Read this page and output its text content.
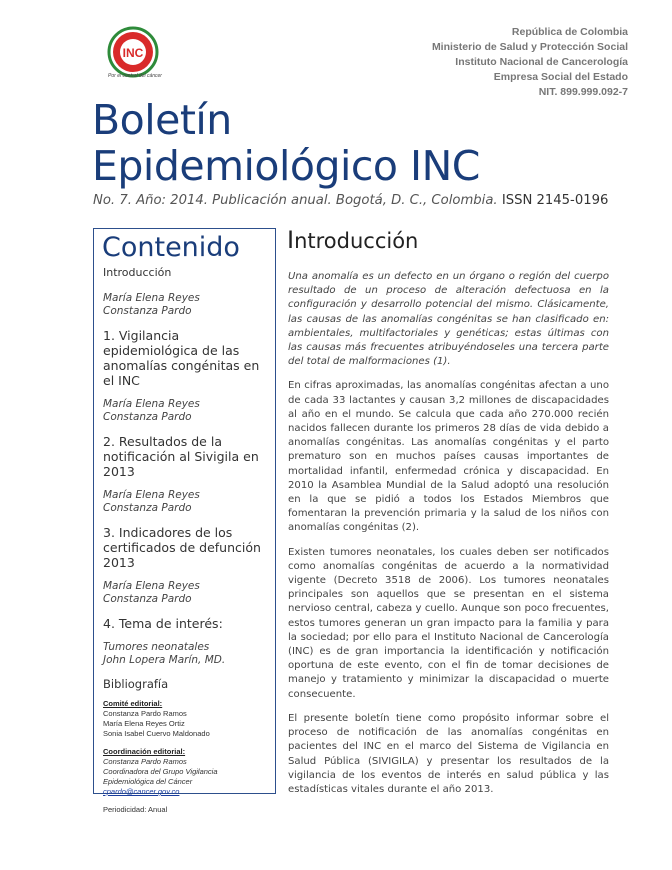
INC
Por el control del cáncer
República de Colombia
Ministerio de Salud y Protección Social
Instituto Nacional de Cancerología
Empresa Social del Estado
NIT. 899.999.092-7
Boletín
Epidemiológico INC
No. 7. Año: 2014. Publicación anual. Bogotá, D. C., Colombia. ISSN 2145-0196
Contenido
Introducción
María Elena Reyes
Constanza Pardo
1. Vigilancia epidemiológica de las anomalías congénitas en el INC
María Elena Reyes
Constanza Pardo
2. Resultados de la notificación al Sivigila en 2013
María Elena Reyes
Constanza Pardo
3. Indicadores de los certificados de defunción 2013
María Elena Reyes
Constanza Pardo
4. Tema de interés:
Tumores neonatales
John Lopera Marín, MD.
Bibliografía
Comité editorial:
Constanza Pardo Ramos
María Elena Reyes Ortiz
Sonia Isabel Cuervo Maldonado
Coordinación editorial:
Constanza Pardo Ramos
Coordinadora del Grupo Vigilancia
Epidemiológica del Cáncer
cpardo@cancer.gov.co
Periodicidad: Anual
Introducción

Una anomalía es un defecto en un órgano o región del cuerpo resultado de un proceso de alteración defectuosa en la configuración y desarrollo potencial del mismo. Clásicamente, las causas de las anomalías congénitas se han clasificado en: ambientales, multifactoriales y genéticas; estas últimas con las causas más frecuentes atribuyéndoseles una tercera parte del total de malformaciones (1).

En cifras aproximadas, las anomalías congénitas afectan a uno de cada 33 lactantes y causan 3,2 millones de discapacidades al año en el mundo. Se calcula que cada año 270.000 recién nacidos fallecen durante los primeros 28 días de vida debido a anomalías congénitas. Las anomalías congénitas y el parto prematuro son en muchos países causas importantes de mortalidad infantil, enfermedad crónica y discapacidad. En 2010 la Asamblea Mundial de la Salud adoptó una resolución en la que se pidió a todos los Estados Miembros que fomentaran la prevención primaria y la salud de los niños con anomalías congénitas (2).

Existen tumores neonatales, los cuales deben ser notificados como anomalías congénitas de acuerdo a la normatividad vigente (Decreto 3518 de 2006). Los tumores neonatales principales son aquellos que se presentan en el sistema nervioso central, cabeza y cuello. Aunque son poco frecuentes, estos tumores generan un gran impacto para la familia y para la sociedad; por ello para el Instituto Nacional de Cancerología (INC) es de gran importancia la identificación y notificación oportuna de este evento, con el fin de tomar decisiones de manejo y tratamiento y minimizar la discapacidad o muerte consecuente.

El presente boletín tiene como propósito informar sobre el proceso de notificación de las anomalías congénitas en pacientes del INC en el marco del Sistema de Vigilancia en Salud Pública (SIVIGILA) y presentar los resultados de la vigilancia de los eventos de interés en salud pública y las estadísticas vitales durante el año 2013.
